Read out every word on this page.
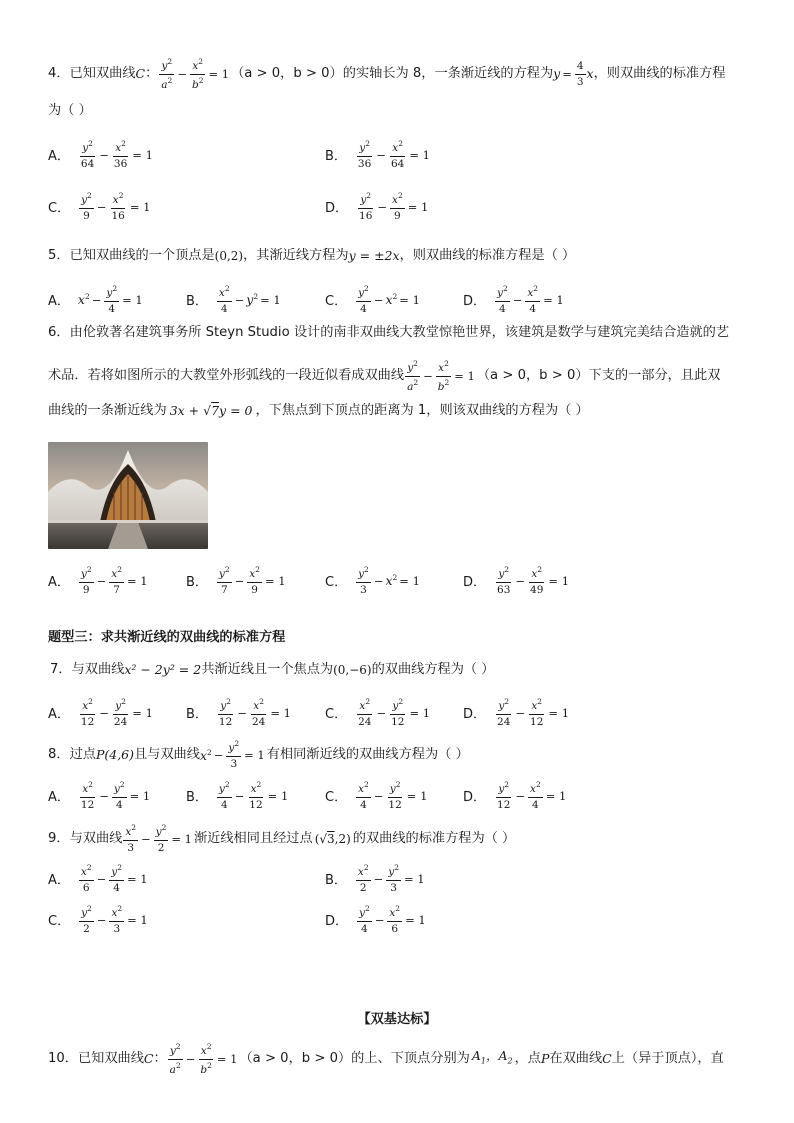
4．已知双曲线 C ： $\frac{y^2}{a^2} - \frac{x^2}{b^2} = 1$ （a > 0，b > 0）的实轴长为 8，一条渐近线的方程为 $y = \frac{4}{3}$ x ，则双曲线的标准方程
为（ ）
A． $\frac{y^2}{64} - \frac{x^2}{36} = 1$	B． $\frac{y^2}{36} - \frac{x^2}{64} = 1$
C． $\frac{y^2}{9} - \frac{x^2}{16} = 1$	D． $\frac{y^2}{16} - \frac{x^2}{9} = 1$
5．已知双曲线的一个顶点是 (0,2) ，其渐近线方程为 y = ±2x ，则双曲线的标准方程是（ ）
A． $x^2 - \frac{y^2}{4} = 1$	B． $\frac{x^2}{4} - y^2 = 1$	C． $\frac{y^2}{4} - x^2 = 1$	D． $\frac{y^2}{4} - \frac{x^2}{4} = 1$
6．由伦敦著名建筑事务所 Steyn Studio 设计的南非双曲线大教堂惊艳世界，该建筑是数学与建筑完美结合造就的艺
术品．若将如图所示的大教堂外形弧线的一段近似看成双曲线 $\frac{y^2}{a^2} - \frac{x^2}{b^2} = 1$ （a > 0，b > 0）下支的一部分，且此双
曲线的一条渐近线为 3x + √7y = 0 ，下焦点到下顶点的距离为 1，则该双曲线的方程为（ ）
A． $\frac{y^2}{9} - \frac{x^2}{7} = 1$	B． $\frac{y^2}{7} - \frac{x^2}{9} = 1$	C． $\frac{y^2}{3} - x^2 = 1$	D． $\frac{y^2}{63} - \frac{x^2}{49} = 1$
题型三：求共渐近线的双曲线的标准方程
7．与双曲线 x² − 2y² = 2 共渐近线且一个焦点为 (0,−6) 的双曲线方程为（ ）
A． $\frac{x^2}{12} - \frac{y^2}{24} = 1$	B． $\frac{y^2}{12} - \frac{x^2}{24} = 1$	C． $\frac{x^2}{24} - \frac{y^2}{12} = 1$	D． $\frac{y^2}{24} - \frac{x^2}{12} = 1$
8．过点 P(4,6) 且与双曲线 $x^2 - \frac{y^2}{3} = 1$ 有相同渐近线的双曲线方程为（ ）
A． $\frac{x^2}{12} - \frac{y^2}{4} = 1$	B． $\frac{y^2}{4} - \frac{x^2}{12} = 1$	C． $\frac{x^2}{4} - \frac{y^2}{12} = 1$	D． $\frac{y^2}{12} - \frac{x^2}{4} = 1$
9．与双曲线 $\frac{x^2}{3} - \frac{y^2}{2} = 1$ 渐近线相同且经过点 (√3,2) 的双曲线的标准方程为（ ）
A． $\frac{x^2}{6} - \frac{y^2}{4} = 1$	B． $\frac{x^2}{2} - \frac{y^2}{3} = 1$
C． $\frac{y^2}{2} - \frac{x^2}{3} = 1$	D． $\frac{y^2}{4} - \frac{x^2}{6} = 1$
【双基达标】
10．已知双曲线 C ： $\frac{y^2}{a^2} - \frac{x^2}{b^2} = 1$ （a > 0，b > 0）的上、下顶点分别为 $A_1$，$A_2$ ，点 P 在双曲线 C 上（异于顶点），直
